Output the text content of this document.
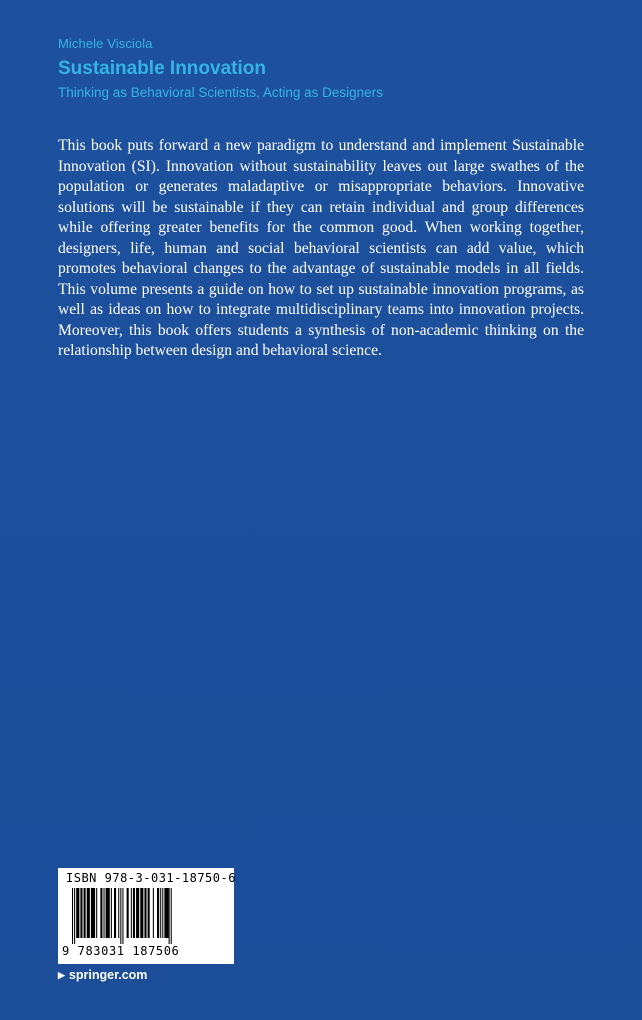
Michele Visciola
Sustainable Innovation
Thinking as Behavioral Scientists, Acting as Designers

This book puts forward a new paradigm to understand and implement Sustainable Innovation (SI). Innovation without sustainability leaves out large swathes of the population or generates maladaptive or misappropriate behaviors. Innovative solutions will be sustainable if they can retain individual and group differences while offering greater benefits for the common good. When working together, designers, life, human and social behavioral scientists can add value, which promotes behavioral changes to the advantage of sustainable models in all fields. This volume presents a guide on how to set up sustainable innovation programs, as well as ideas on how to integrate multidisciplinary teams into innovation projects. Moreover, this book offers students a synthesis of non-academic thinking on the relationship between design and behavioral science.

ISBN 978-3-031-18750-6
9 783031 187506
▶ springer.com
